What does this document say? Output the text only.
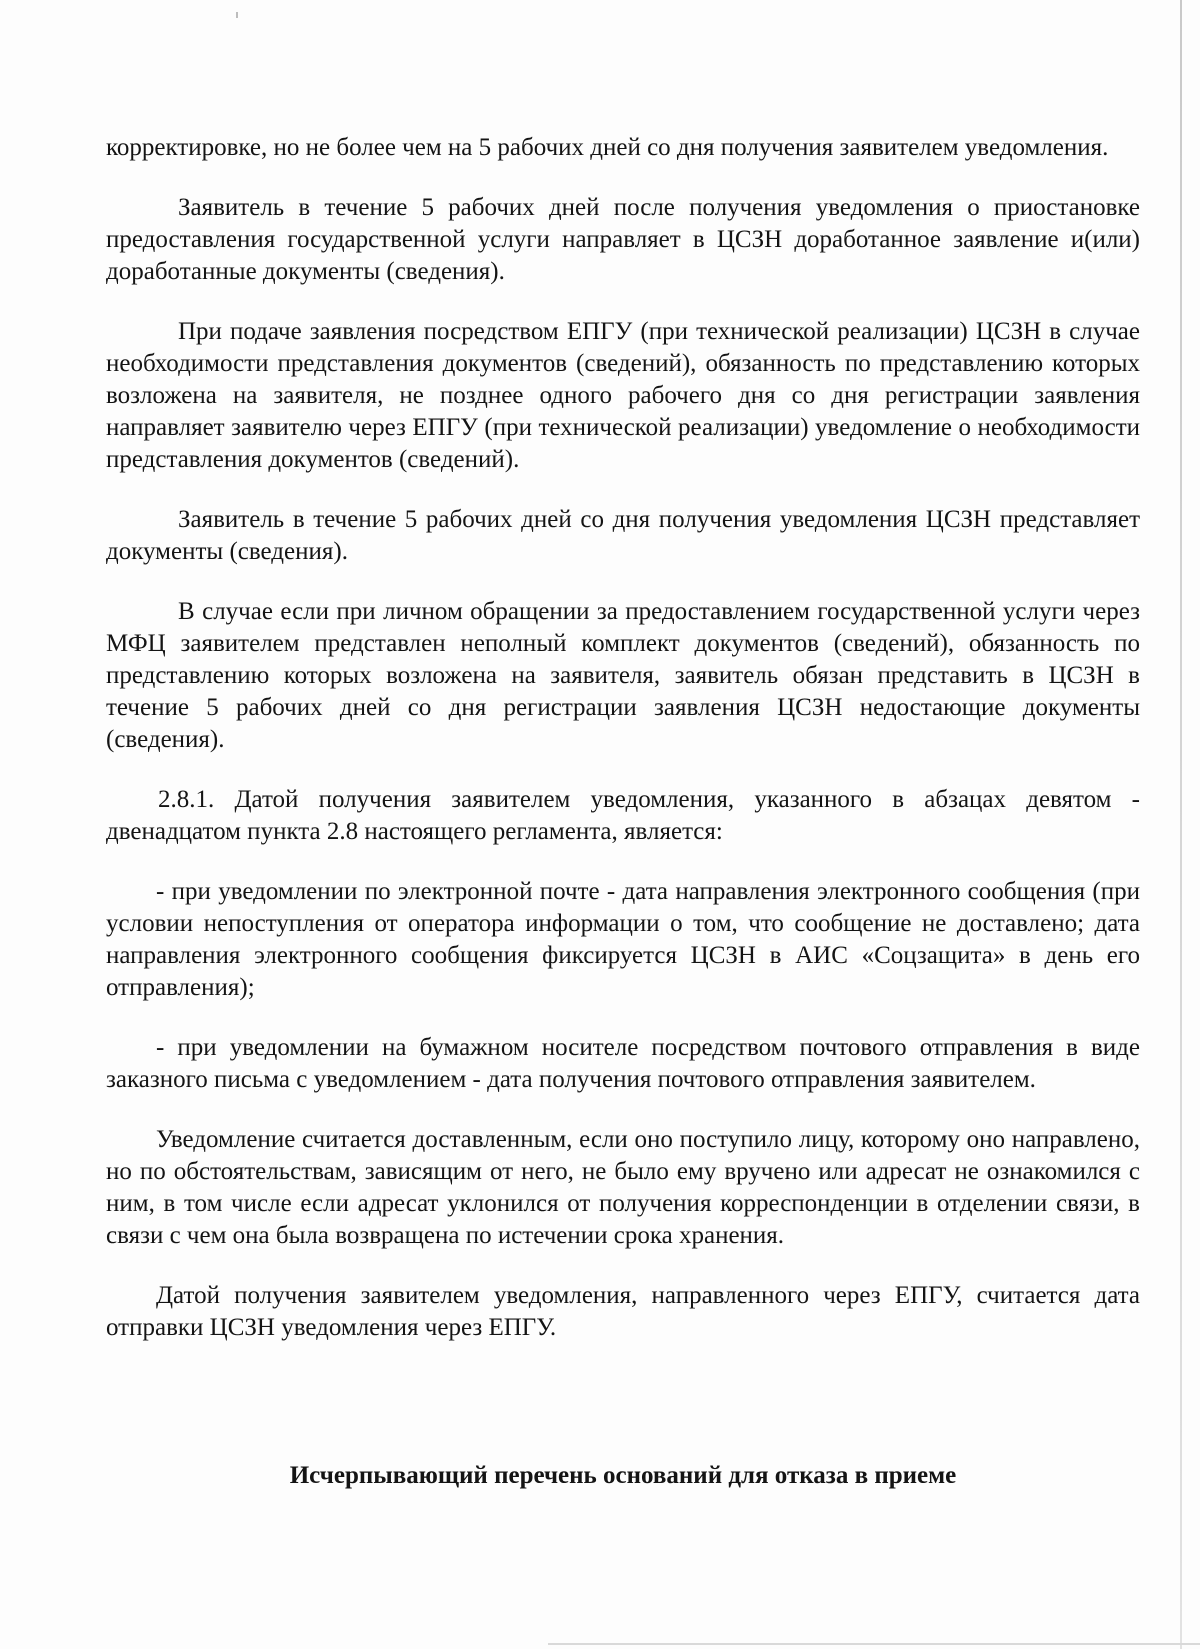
корректировке, но не более чем на 5 рабочих дней со дня получения заявителем уведомления.

Заявитель в течение 5 рабочих дней после получения уведомления о приостановке предоставления государственной услуги направляет в ЦСЗН доработанное заявление и(или) доработанные документы (сведения).

При подаче заявления посредством ЕПГУ (при технической реализации) ЦСЗН в случае необходимости представления документов (сведений), обязанность по представлению которых возложена на заявителя, не позднее одного рабочего дня со дня регистрации заявления направляет заявителю через ЕПГУ (при технической реализации) уведомление о необходимости представления документов (сведений).

Заявитель в течение 5 рабочих дней со дня получения уведомления ЦСЗН представляет документы (сведения).

В случае если при личном обращении за предоставлением государственной услуги через МФЦ заявителем представлен неполный комплект документов (сведений), обязанность по представлению которых возложена на заявителя, заявитель обязан представить в ЦСЗН в течение 5 рабочих дней со дня регистрации заявления ЦСЗН недостающие документы (сведения).

2.8.1. Датой получения заявителем уведомления, указанного в абзацах девятом - двенадцатом пункта 2.8 настоящего регламента, является:

- при уведомлении по электронной почте - дата направления электронного сообщения (при условии непоступления от оператора информации о том, что сообщение не доставлено; дата направления электронного сообщения фиксируется ЦСЗН в АИС «Соцзащита» в день его отправления);

- при уведомлении на бумажном носителе посредством почтового отправления в виде заказного письма с уведомлением - дата получения почтового отправления заявителем.

Уведомление считается доставленным, если оно поступило лицу, которому оно направлено, но по обстоятельствам, зависящим от него, не было ему вручено или адресат не ознакомился с ним, в том числе если адресат уклонился от получения корреспонденции в отделении связи, в связи с чем она была возвращена по истечении срока хранения.

Датой получения заявителем уведомления, направленного через ЕПГУ, считается дата отправки ЦСЗН уведомления через ЕПГУ.

Исчерпывающий перечень оснований для отказа в приеме
